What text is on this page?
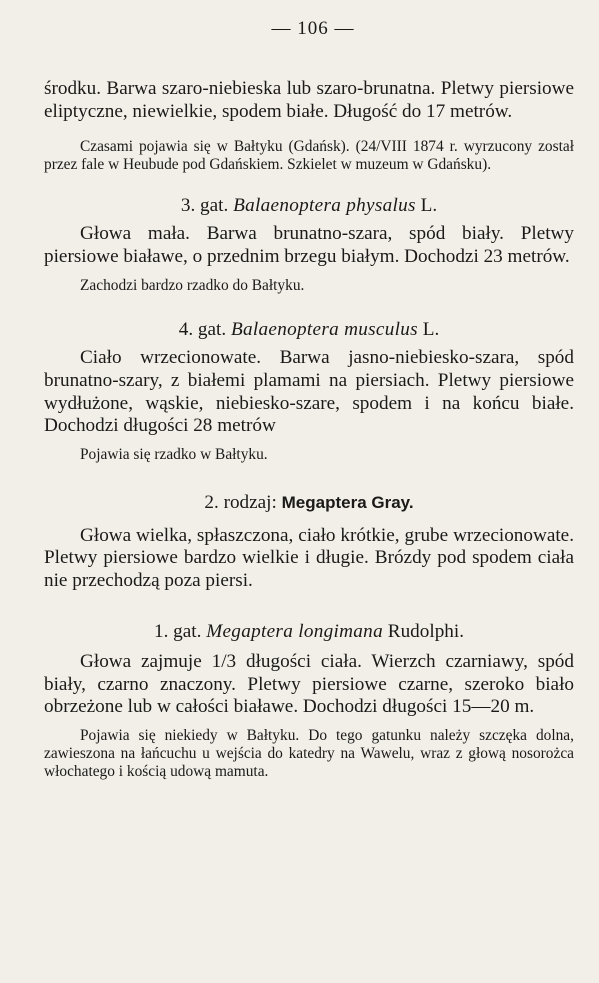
— 106 —

środku. Barwa szaro-niebieska lub szaro-brunatna. Pletwy piersiowe eliptyczne, niewielkie, spodem białe. Długość do 17 metrów.

Czasami pojawia się w Bałtyku (Gdańsk). (24/VIII 1874 r. wyrzucony został przez fale w Heubude pod Gdańskiem. Szkielet w muzeum w Gdańsku).

3. gat. Balaenoptera physalus L.

Głowa mała. Barwa brunatno-szara, spód biały. Pletwy piersiowe białawe, o przednim brzegu białym. Dochodzi 23 metrów.

Zachodzi bardzo rzadko do Bałtyku.

4. gat. Balaenoptera musculus L.

Ciało wrzecionowate. Barwa jasno-niebiesko-szara, spód brunatno-szary, z białemi plamami na piersiach. Pletwy piersiowe wydłużone, wąskie, niebiesko-szare, spodem i na końcu białe. Dochodzi długości 28 metrów

Pojawia się rzadko w Bałtyku.

2. rodzaj: Megaptera Gray.

Głowa wielka, spłaszczona, ciało krótkie, grube wrzecionowate. Pletwy piersiowe bardzo wielkie i długie. Brózdy pod spodem ciała nie przechodzą poza piersi.

1. gat. Megaptera longimana Rudolphi.

Głowa zajmuje 1/3 długości ciała. Wierzch czarniawy, spód biały, czarno znaczony. Pletwy piersiowe czarne, szeroko biało obrzeżone lub w całości białawe. Dochodzi długości 15—20 m.

Pojawia się niekiedy w Bałtyku. Do tego gatunku należy szczęka dolna, zawieszona na łańcuchu u wejścia do katedry na Wawelu, wraz z głową nosorożca włochatego i kością udową mamuta.
